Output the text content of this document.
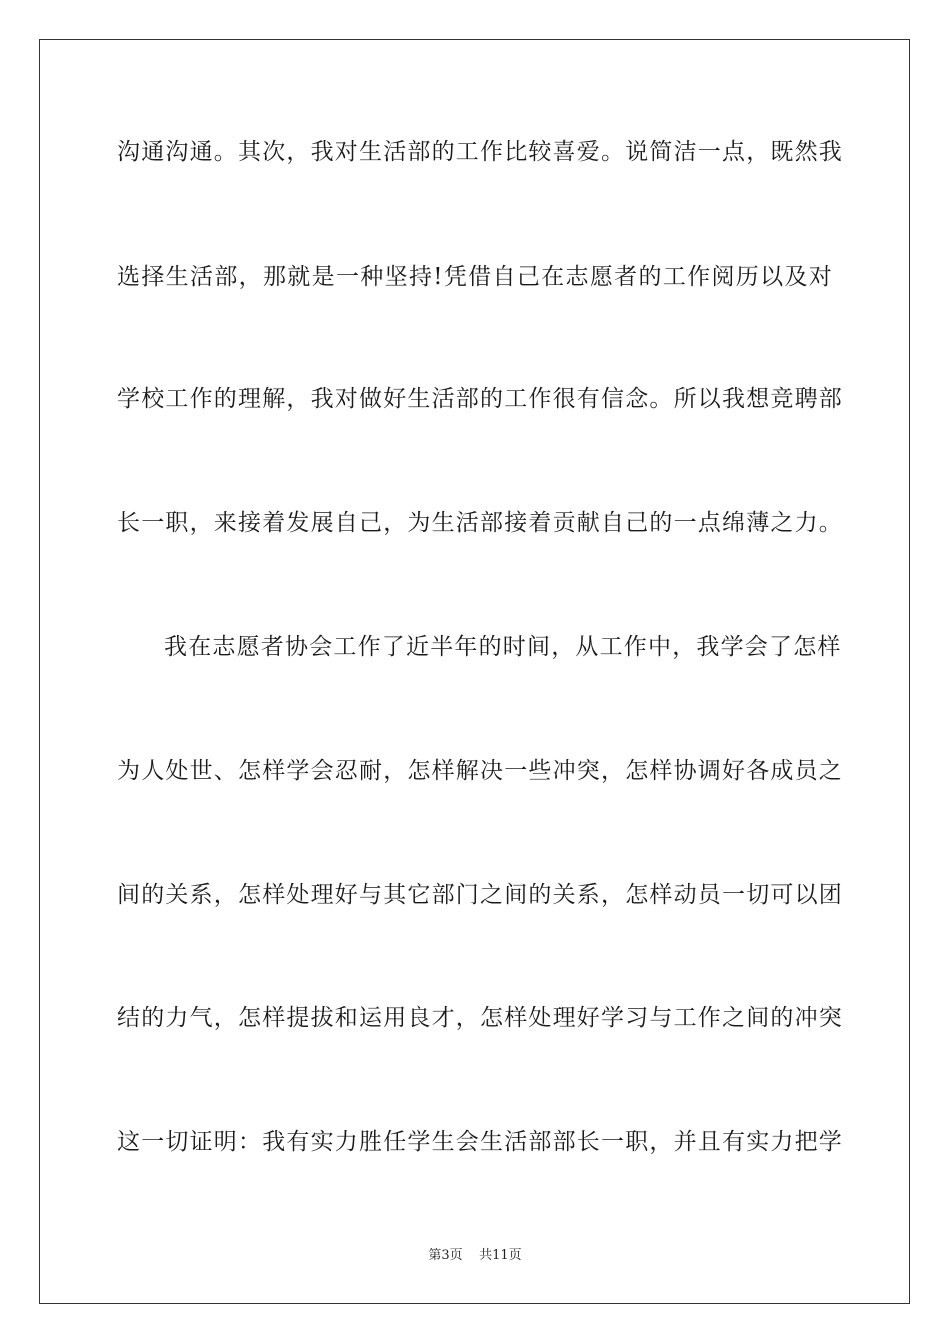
沟通沟通。其次，我对生活部的工作比较喜爱。说简洁一点，既然我
选择生活部，那就是一种坚持!凭借自己在志愿者的工作阅历以及对
学校工作的理解，我对做好生活部的工作很有信念。所以我想竞聘部
长一职，来接着发展自己，为生活部接着贡献自己的一点绵薄之力。
我在志愿者协会工作了近半年的时间，从工作中，我学会了怎样
为人处世、怎样学会忍耐，怎样解决一些冲突，怎样协调好各成员之
间的关系，怎样处理好与其它部门之间的关系，怎样动员一切可以团
结的力气，怎样提拔和运用良才，怎样处理好学习与工作之间的冲突
这一切证明：我有实力胜任学生会生活部部长一职，并且有实力把学
第3页 共11页
